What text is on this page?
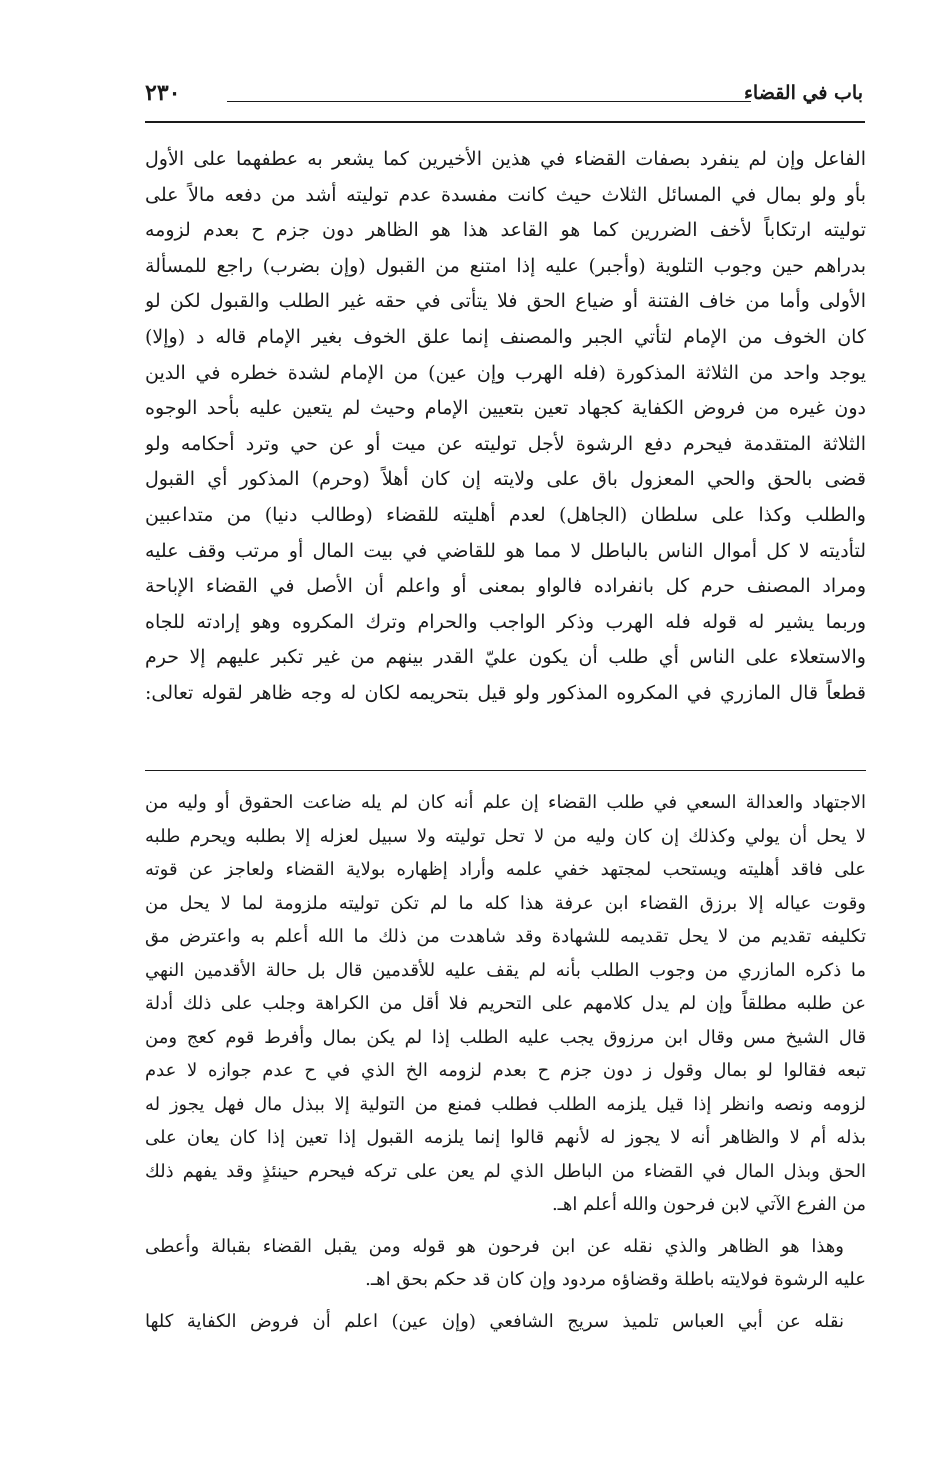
باب في القضاء
٢٣٠
الفاعل وإن لم ينفرد بصفات القضاء في هذين الأخيرين كما يشعر به عطفهما على الأول
بأو ولو بمال في المسائل الثلاث حيث كانت مفسدة عدم توليته أشد من دفعه مالاً على
توليته ارتكاباً لأخف الضررين كما هو القاعد هذا هو الظاهر دون جزم ح بعدم لزومه
بدراهم حين وجوب التلوية (وأجبر) عليه إذا امتنع من القبول (وإن بضرب) راجع للمسألة
الأولى وأما من خاف الفتنة أو ضياع الحق فلا يتأتى في حقه غير الطلب والقبول لكن لو
كان الخوف من الإمام لتأتي الجبر والمصنف إنما علق الخوف بغير الإمام قاله د (وإلا)
يوجد واحد من الثلاثة المذكورة (فله الهرب وإن عين) من الإمام لشدة خطره في الدين
دون غيره من فروض الكفاية كجهاد تعين بتعيين الإمام وحيث لم يتعين عليه بأحد الوجوه
الثلاثة المتقدمة فيحرم دفع الرشوة لأجل توليته عن ميت أو عن حي وترد أحكامه ولو
قضى بالحق والحي المعزول باق على ولايته إن كان أهلاً (وحرم) المذكور أي القبول
والطلب وكذا على سلطان (الجاهل) لعدم أهليته للقضاء (وطالب دنيا) من متداعبين
لتأديته لا كل أموال الناس بالباطل لا مما هو للقاضي في بيت المال أو مرتب وقف عليه
ومراد المصنف حرم كل بانفراده فالواو بمعنى أو واعلم أن الأصل في القضاء الإباحة
وربما يشير له قوله فله الهرب وذكر الواجب والحرام وترك المكروه وهو إرادته للجاه
والاستعلاء على الناس أي طلب أن يكون عليّ القدر بينهم من غير تكبر عليهم إلا حرم
قطعاً قال المازري في المكروه المذكور ولو قيل بتحريمه لكان له وجه ظاهر لقوله تعالى:
الاجتهاد والعدالة السعي في طلب القضاء إن علم أنه كان لم يله ضاعت الحقوق أو وليه من
لا يحل أن يولي وكذلك إن كان وليه من لا تحل توليته ولا سبيل لعزله إلا بطلبه ويحرم طلبه
على فاقد أهليته ويستحب لمجتهد خفي علمه وأراد إظهاره بولاية القضاء ولعاجز عن قوته
وقوت عياله إلا برزق القضاء ابن عرفة هذا كله ما لم تكن توليته ملزومة لما لا يحل من
تكليفه تقديم من لا يحل تقديمه للشهادة وقد شاهدت من ذلك ما الله أعلم به واعترض مق
ما ذكره المازري من وجوب الطلب بأنه لم يقف عليه للأقدمين قال بل حالة الأقدمين النهي
عن طلبه مطلقاً وإن لم يدل كلامهم على التحريم فلا أقل من الكراهة وجلب على ذلك أدلة
قال الشيخ مس وقال ابن مرزوق يجب عليه الطلب إذا لم يكن بمال وأفرط قوم كعج ومن
تبعه فقالوا لو بمال وقول ز دون جزم ح بعدم لزومه الخ الذي في ح عدم جوازه لا عدم
لزومه ونصه وانظر إذا قيل يلزمه الطلب فطلب فمنع من التولية إلا ببذل مال فهل يجوز له
بذله أم لا والظاهر أنه لا يجوز له لأنهم قالوا إنما يلزمه القبول إذا تعين إذا كان يعان على
الحق وبذل المال في القضاء من الباطل الذي لم يعن على تركه فيحرم حينئذٍ وقد يفهم ذلك
من الفرع الآتي لابن فرحون والله أعلم اهـ.
وهذا هو الظاهر والذي نقله عن ابن فرحون هو قوله ومن يقبل القضاء بقبالة وأعطى
عليه الرشوة فولايته باطلة وقضاؤه مردود وإن كان قد حكم بحق اهـ.
نقله عن أبي العباس تلميذ سريج الشافعي (وإن عين) اعلم أن فروض الكفاية كلها
